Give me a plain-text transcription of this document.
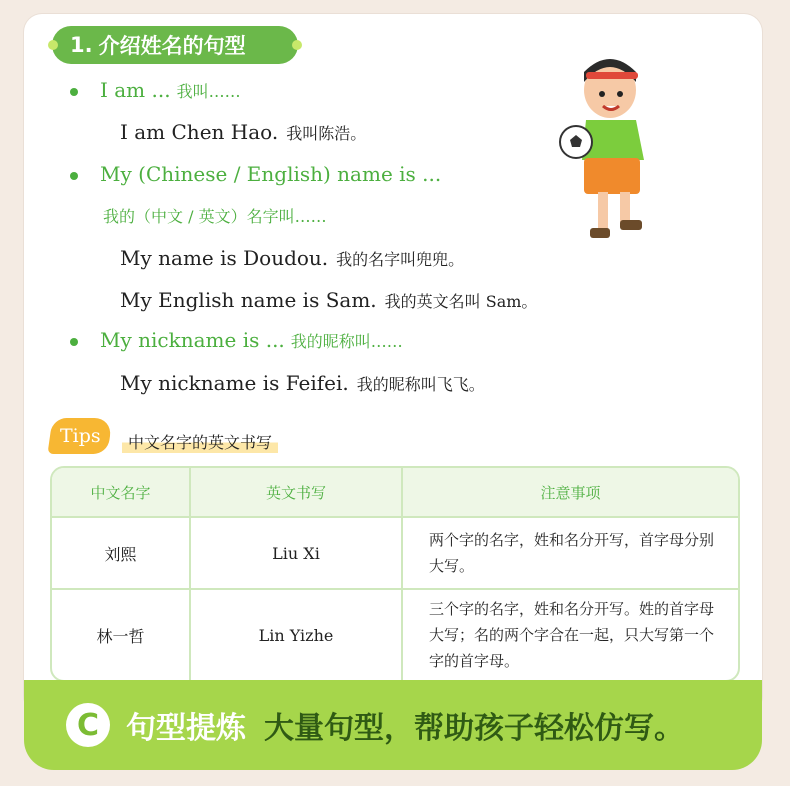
1. 介绍姓名的句型
I am ... 我叫……
I am Chen Hao. 我叫陈浩。
My (Chinese / English) name is ...
我的（中文 / 英文）名字叫……
My name is Doudou. 我的名字叫兜兜。
My English name is Sam. 我的英文名叫 Sam。
My nickname is ... 我的昵称叫……
My nickname is Feifei. 我的昵称叫飞飞。
Tips	中文名字的英文书写
中文名字	英文书写	注意事项
刘熙	Liu Xi	两个字的名字，姓和名分开写，首字母分别大写。
林一哲	Lin Yizhe	三个字的名字，姓和名分开写。姓的首字母大写；名的两个字合在一起，只大写第一个字的首字母。
C 句型提炼 大量句型，帮助孩子轻松仿写。
